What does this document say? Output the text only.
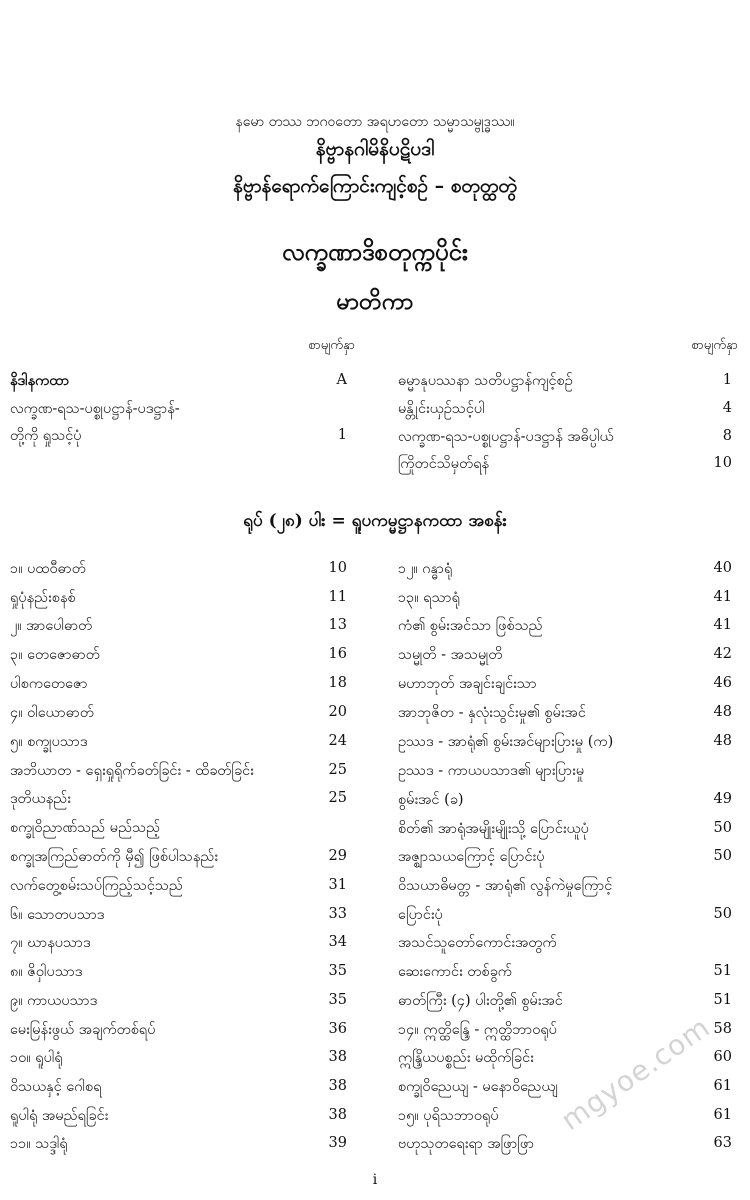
နမော တဿ ဘဂဝတော အရဟတော သမ္မာသမ္ဗုဒ္ဓဿ။
နိဗ္ဗာနဂါမိနိပဋိပဒါ
နိဗ္ဗာန်ရောက်ကြောင်းကျင့်စဉ် – စတုတ္ထတွဲ
လက္ခဏာဒိစတုက္ကပိုင်း
မာတိကာ
စာမျက်နှာ	စာမျက်နှာ
နိဒါနကထာ	A
လက္ခဏ-ရသ-ပစ္စုပဋ္ဌာန်-ပဒဋ္ဌာန်-
တို့ကို ရှုသင့်ပုံ	1
ဓမ္မာနုပဿနာ သတိပဋ္ဌာန်ကျင့်စဉ်	1
မန္တိုင်းယှဉ်သင့်ပါ	4
လက္ခဏ-ရသ-ပစ္စုပဋ္ဌာန်-ပဒဋ္ဌာန် အဓိပ္ပါယ်	8
ကြိုတင်သိမှတ်ရန်	10
ရုပ် (၂၈) ပါး = ရူပကမ္မဋ္ဌာနကထာ အစန်း
၁။ ပထဝီဓာတ်	10
ရှုပုံနည်းစနစ်	11
၂။ အာပေါဓာတ်	13
၃။ တေဇောဓာတ်	16
ပါစကတေဇော	18
၄။ ဝါယောဓာတ်	20
၅။ စက္ခုပသာဒ	24
အဘိယာတ - ရှေးရှုရိုက်ခတ်ခြင်း - ထိခတ်ခြင်း	25
ဒုတိယနည်း	25
စက္ခုဝိညာဏ်သည် မည်သည့်
စက္ခုအကြည်ဓာတ်ကို မှီ၍ ဖြစ်ပါသနည်း	29
လက်တွေ့စမ်းသပ်ကြည့်သင့်သည်	31
၆။ သောတပသာဒ	33
၇။ ဃာနပသာဒ	34
၈။ ဇိဝှါပသာဒ	35
၉။ ကာယပသာဒ	35
မေးမြန်းဖွယ် အချက်တစ်ရပ်	36
၁၀။ ရူပါရုံ	38
ဝိသယနှင့် ဂေါစရ	38
ရူပါရုံ အမည်ရခြင်း	38
၁၁။ သဒ္ဒါရုံ	39
၁၂။ ဂန္ဓာရုံ	40
၁၃။ ရသာရုံ	41
ကံ၏ စွမ်းအင်သာ ဖြစ်သည်	41
သမ္မုတိ - အသမ္မုတိ	42
မဟာဘုတ် အချင်းချင်းသာ	46
အာဘုဇိတ - နှလုံးသွင်းမှု၏ စွမ်းအင်	48
ဥဿဒ - အာရုံ၏ စွမ်းအင်များပြားမှု (က)	48
ဥဿဒ - ကာယပသာဒ၏ များပြားမှု
စွမ်းအင် (ခ)	49
စိတ်၏ အာရုံအမျိုးမျိုးသို့ ပြောင်းယူပုံ	50
အဇ္ဈာသယကြောင့် ပြောင်းပုံ	50
ဝိသယာဓိမတ္တ - အာရုံ၏ လွန်ကဲမှုကြောင့်
ပြောင်းပုံ	50
အသင်သူတော်ကောင်းအတွက်
ဆေးကောင်း တစ်ခွက်	51
ဓာတ်ကြီး (၄) ပါးတို့၏ စွမ်းအင်	51
၁၄။ ဣတ္ထိန္ဒြေ - ဣတ္ထိဘာဝရုပ်	58
ဣန္ဒြိယပစ္စည်း မထိုက်ခြင်း	60
စက္ခုဝိညေယျ - မနောဝိညေယျ	61
၁၅။ ပုရိသဘာဝရုပ်	61
ဗဟုသုတရေးရာ အဖြာဖြာ	63
i
mgyoe.com
